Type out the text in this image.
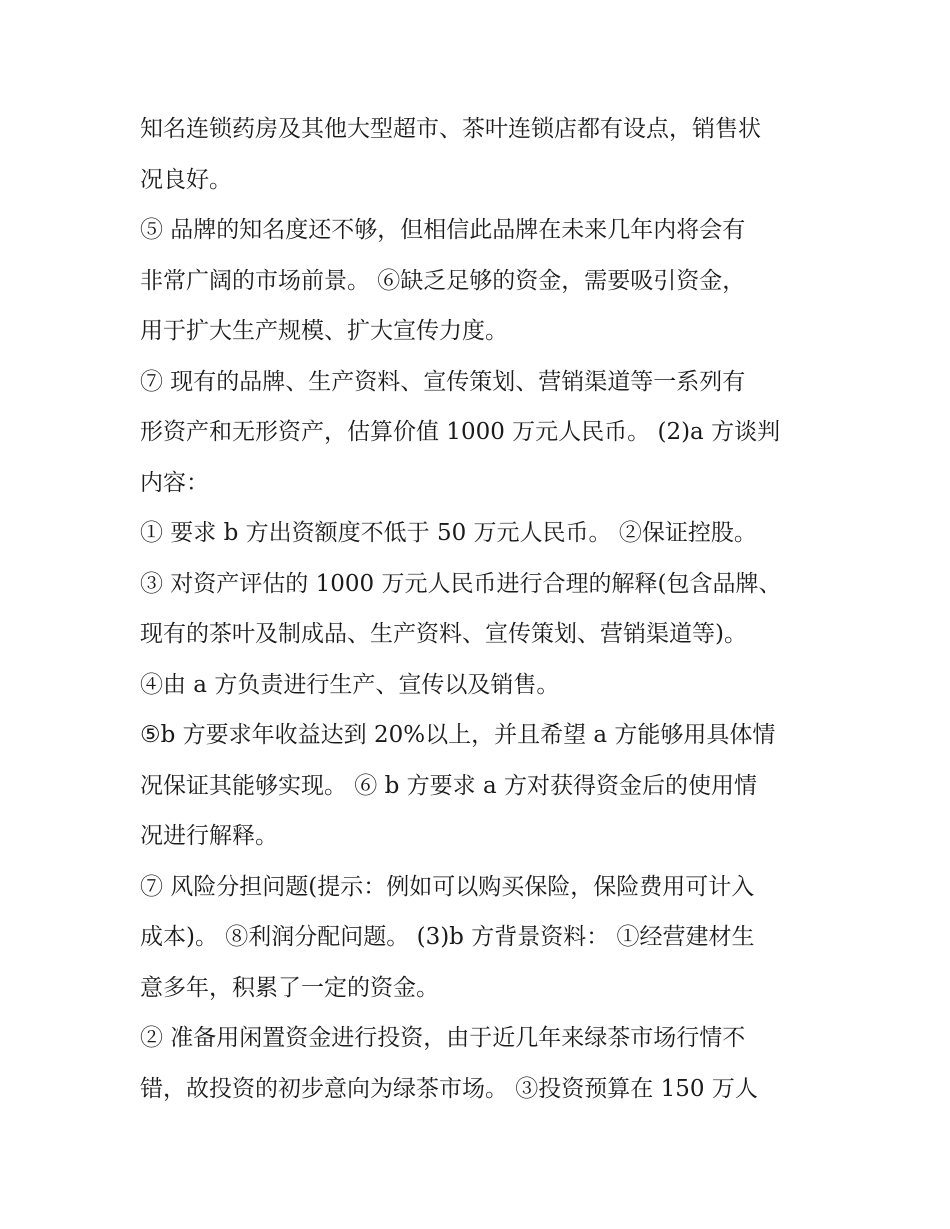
知名连锁药房及其他大型超市、茶叶连锁店都有设点，销售状
况良好。
⑤ 品牌的知名度还不够，但相信此品牌在未来几年内将会有
非常广阔的市场前景。 ⑥缺乏足够的资金，需要吸引资金，
用于扩大生产规模、扩大宣传力度。
⑦ 现有的品牌、生产资料、宣传策划、营销渠道等一系列有
形资产和无形资产，估算价值 1000 万元人民币。 (2)a 方谈判
内容：
① 要求 b 方出资额度不低于 50 万元人民币。 ②保证控股。
③ 对资产评估的 1000 万元人民币进行合理的解释(包含品牌、
现有的茶叶及制成品、生产资料、宣传策划、营销渠道等)。
④由 a 方负责进行生产、宣传以及销售。
⑤b 方要求年收益达到 20%以上，并且希望 a 方能够用具体情
况保证其能够实现。 ⑥ b 方要求 a 方对获得资金后的使用情
况进行解释。
⑦ 风险分担问题(提示：例如可以购买保险，保险费用可计入
成本)。 ⑧利润分配问题。 (3)b 方背景资料： ①经营建材生
意多年，积累了一定的资金。
② 准备用闲置资金进行投资，由于近几年来绿茶市场行情不
错，故投资的初步意向为绿茶市场。 ③投资预算在 150 万人
